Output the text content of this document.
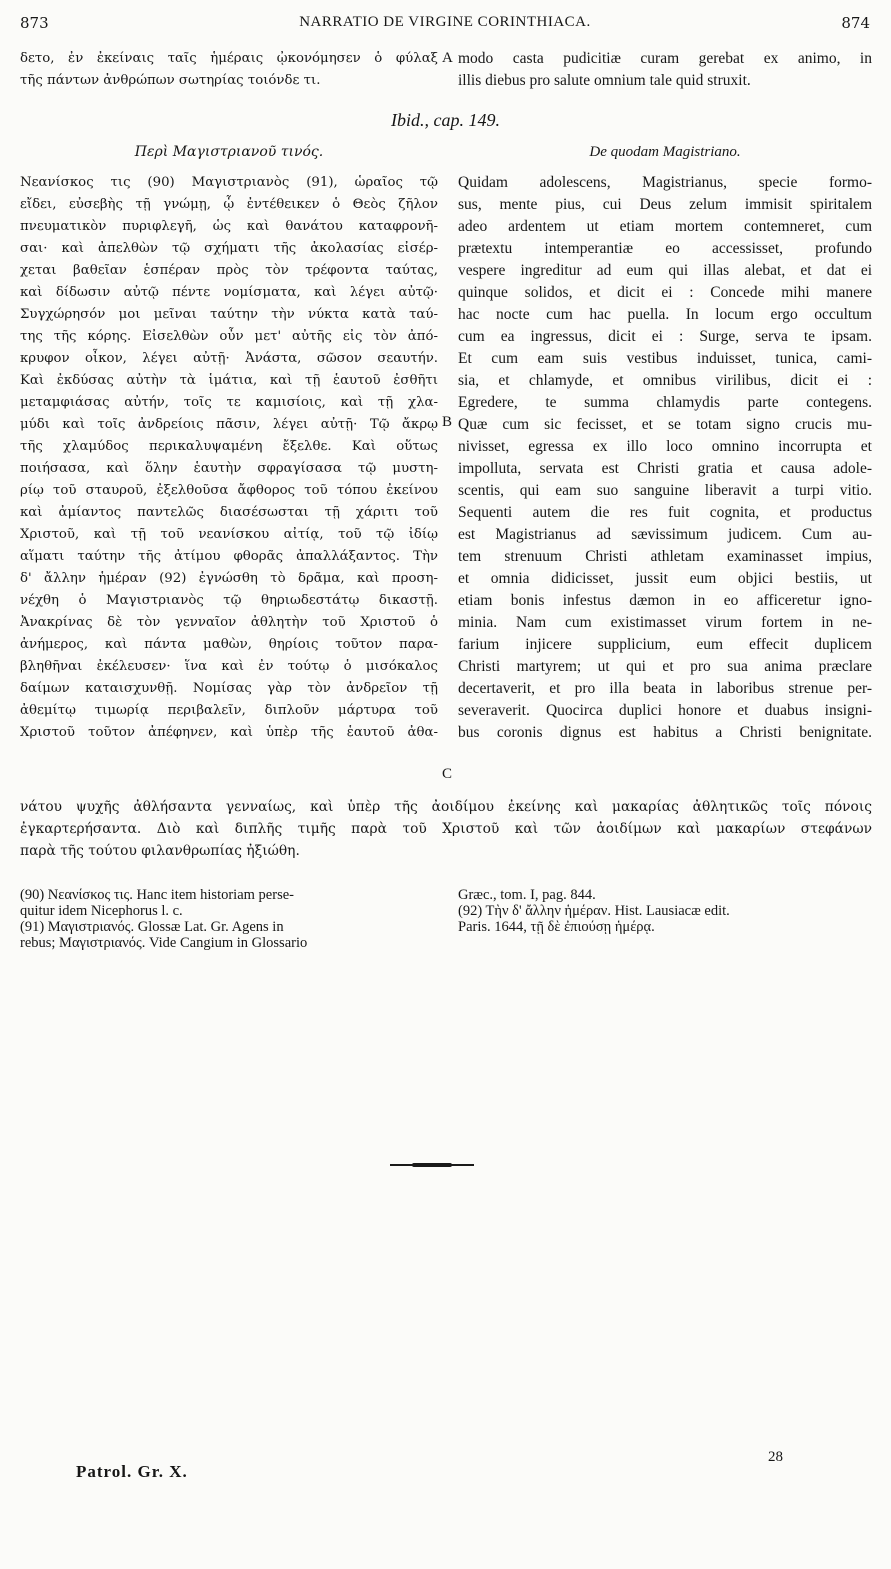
873	NARRATIO DE VIRGINE CORINTHIACA.	874
δετο, ἐν ἐκείναις ταῖς ἡμέραις ᾠκονόμησεν ὁ φύλαξ
τῆς πάντων ἀνθρώπων σωτηρίας τοιόνδε τι.
A modo casta pudicitiæ curam gerebat ex animo, in
illis diebus pro salute omnium tale quid struxit.
Ibid., cap. 149.
Περὶ Μαγιστριανοῦ τινός.	De quodam Magistriano.
Νεανίσκος τις (90) Μαγιστριανὸς (91), ὡραῖος τῷ
εἴδει, εὐσεβὴς τῇ γνώμῃ, ᾧ ἐντέθεικεν ὁ Θεὸς ζῆλον
πνευματικὸν πυριφλεγῆ, ὡς καὶ θανάτου καταφρονῆ-
σαι· καὶ ἀπελθὼν τῷ σχήματι τῆς ἀκολασίας εἰσέρ-
χεται βαθεῖαν ἑσπέραν πρὸς τὸν τρέφοντα ταύτας,
καὶ δίδωσιν αὐτῷ πέντε νομίσματα, καὶ λέγει αὐτῷ·
Συγχώρησόν μοι μεῖναι ταύτην τὴν νύκτα κατὰ ταύ-
της τῆς κόρης. Εἰσελθὼν οὖν μετ' αὐτῆς εἰς τὸν ἀπό-
κρυφον οἶκον, λέγει αὐτῇ· Ἀνάστα, σῶσον σεαυτήν.
Καὶ ἐκδύσας αὐτὴν τὰ ἱμάτια, καὶ τῇ ἑαυτοῦ ἐσθῆτι
μεταμφιάσας αὐτήν, τοῖς τε καμισίοις, καὶ τῇ χλα-
μύδι καὶ τοῖς ἀνδρείοις πᾶσιν, λέγει αὐτῇ· Τῷ ἄκρῳ
τῆς χλαμύδος περικαλυψαμένη ἔξελθε. Καὶ οὕτως
ποιήσασα, καὶ ὅλην ἑαυτὴν σφραγίσασα τῷ μυστη-
ρίῳ τοῦ σταυροῦ, ἐξελθοῦσα ἄφθορος τοῦ τόπου ἐκείνου
καὶ ἀμίαντος παντελῶς διασέσωσται τῇ χάριτι τοῦ
Χριστοῦ, καὶ τῇ τοῦ νεανίσκου αἰτίᾳ, τοῦ τῷ ἰδίῳ
αἵματι ταύτην τῆς ἀτίμου φθορᾶς ἀπαλλάξαντος. Τὴν
δ' ἄλλην ἡμέραν (92) ἐγνώσθη τὸ δρᾶμα, καὶ προση-
νέχθη ὁ Μαγιστριανὸς τῷ θηριωδεστάτῳ δικαστῇ.
Ἀνακρίνας δὲ τὸν γενναῖον ἀθλητὴν τοῦ Χριστοῦ ὁ
ἀνήμερος, καὶ πάντα μαθὼν, θηρίοις τοῦτον παρα-
βληθῆναι ἐκέλευσεν· ἵνα καὶ ἐν τούτῳ ὁ μισόκαλος
δαίμων καταισχυνθῇ. Νομίσας γὰρ τὸν ἀνδρεῖον τῇ
ἀθεμίτῳ τιμωρίᾳ περιβαλεῖν, διπλοῦν μάρτυρα τοῦ
Χριστοῦ τοῦτον ἀπέφηνεν, καὶ ὑπὲρ τῆς ἑαυτοῦ ἀθα-
Quidam adolescens, Magistrianus, specie formo-
sus, mente pius, cui Deus zelum immisit spiritalem
adeo ardentem ut etiam mortem contemneret, cum
prætextu intemperantiæ eo accessisset, profundo
vespere ingreditur ad eum qui illas alebat, et dat ei
quinque solidos, et dicit ei : Concede mihi manere
hac nocte cum hac puella. In locum ergo occultum
cum ea ingressus, dicit ei : Surge, serva te ipsam.
Et cum eam suis vestibus induisset, tunica, cami-
sia, et chlamyde, et omnibus virilibus, dicit ei :
Egredere, te summa chlamydis parte contegens.
Quæ cum sic fecisset, et se totam signo crucis mu-
nivisset, egressa ex illo loco omnino incorrupta et
impolluta, servata est Christi gratia et causa adole-
scentis, qui eam suo sanguine liberavit a turpi vitio.
Sequenti autem die res fuit cognita, et productus
est Magistrianus ad sævissimum judicem. Cum au-
tem strenuum Christi athletam examinasset impius,
et omnia didicisset, jussit eum objici bestiis, ut
etiam bonis infestus dæmon in eo afficeretur igno-
minia. Nam cum existimasset virum fortem in ne-
farium injicere supplicium, eum effecit duplicem
Christi martyrem; ut qui et pro sua anima præclare
decertaverit, et pro illa beata in laboribus strenue per-
severaverit. Quocirca duplici honore et duabus insigni-
bus coronis dignus est habitus a Christi benignitate.
B
C
νάτου ψυχῆς ἀθλήσαντα γενναίως, καὶ ὑπὲρ τῆς ἀοιδίμου ἐκείνης καὶ μακαρίας ἀθλητικῶς τοῖς πόνοις
ἐγκαρτερήσαντα. Διὸ καὶ διπλῆς τιμῆς παρὰ τοῦ Χριστοῦ καὶ τῶν ἀοιδίμων καὶ μακαρίων στεφάνων
παρὰ τῆς τούτου φιλανθρωπίας ἠξιώθη.
(90) Νεανίσκος τις. Hanc item historiam perse-
quitur idem Nicephorus l. c.
(91) Μαγιστριανός. Glossæ Lat. Gr. Agens in
rebus; Μαγιστριανός. Vide Cangium in Glossario
Græc., tom. I, pag. 844.
(92) Τὴν δ' ἄλλην ἡμέραν. Hist. Lausiacæ edit.
Paris. 1644, τῇ δὲ ἐπιούσῃ ἡμέρᾳ.
Patrol. Gr. X.
28
